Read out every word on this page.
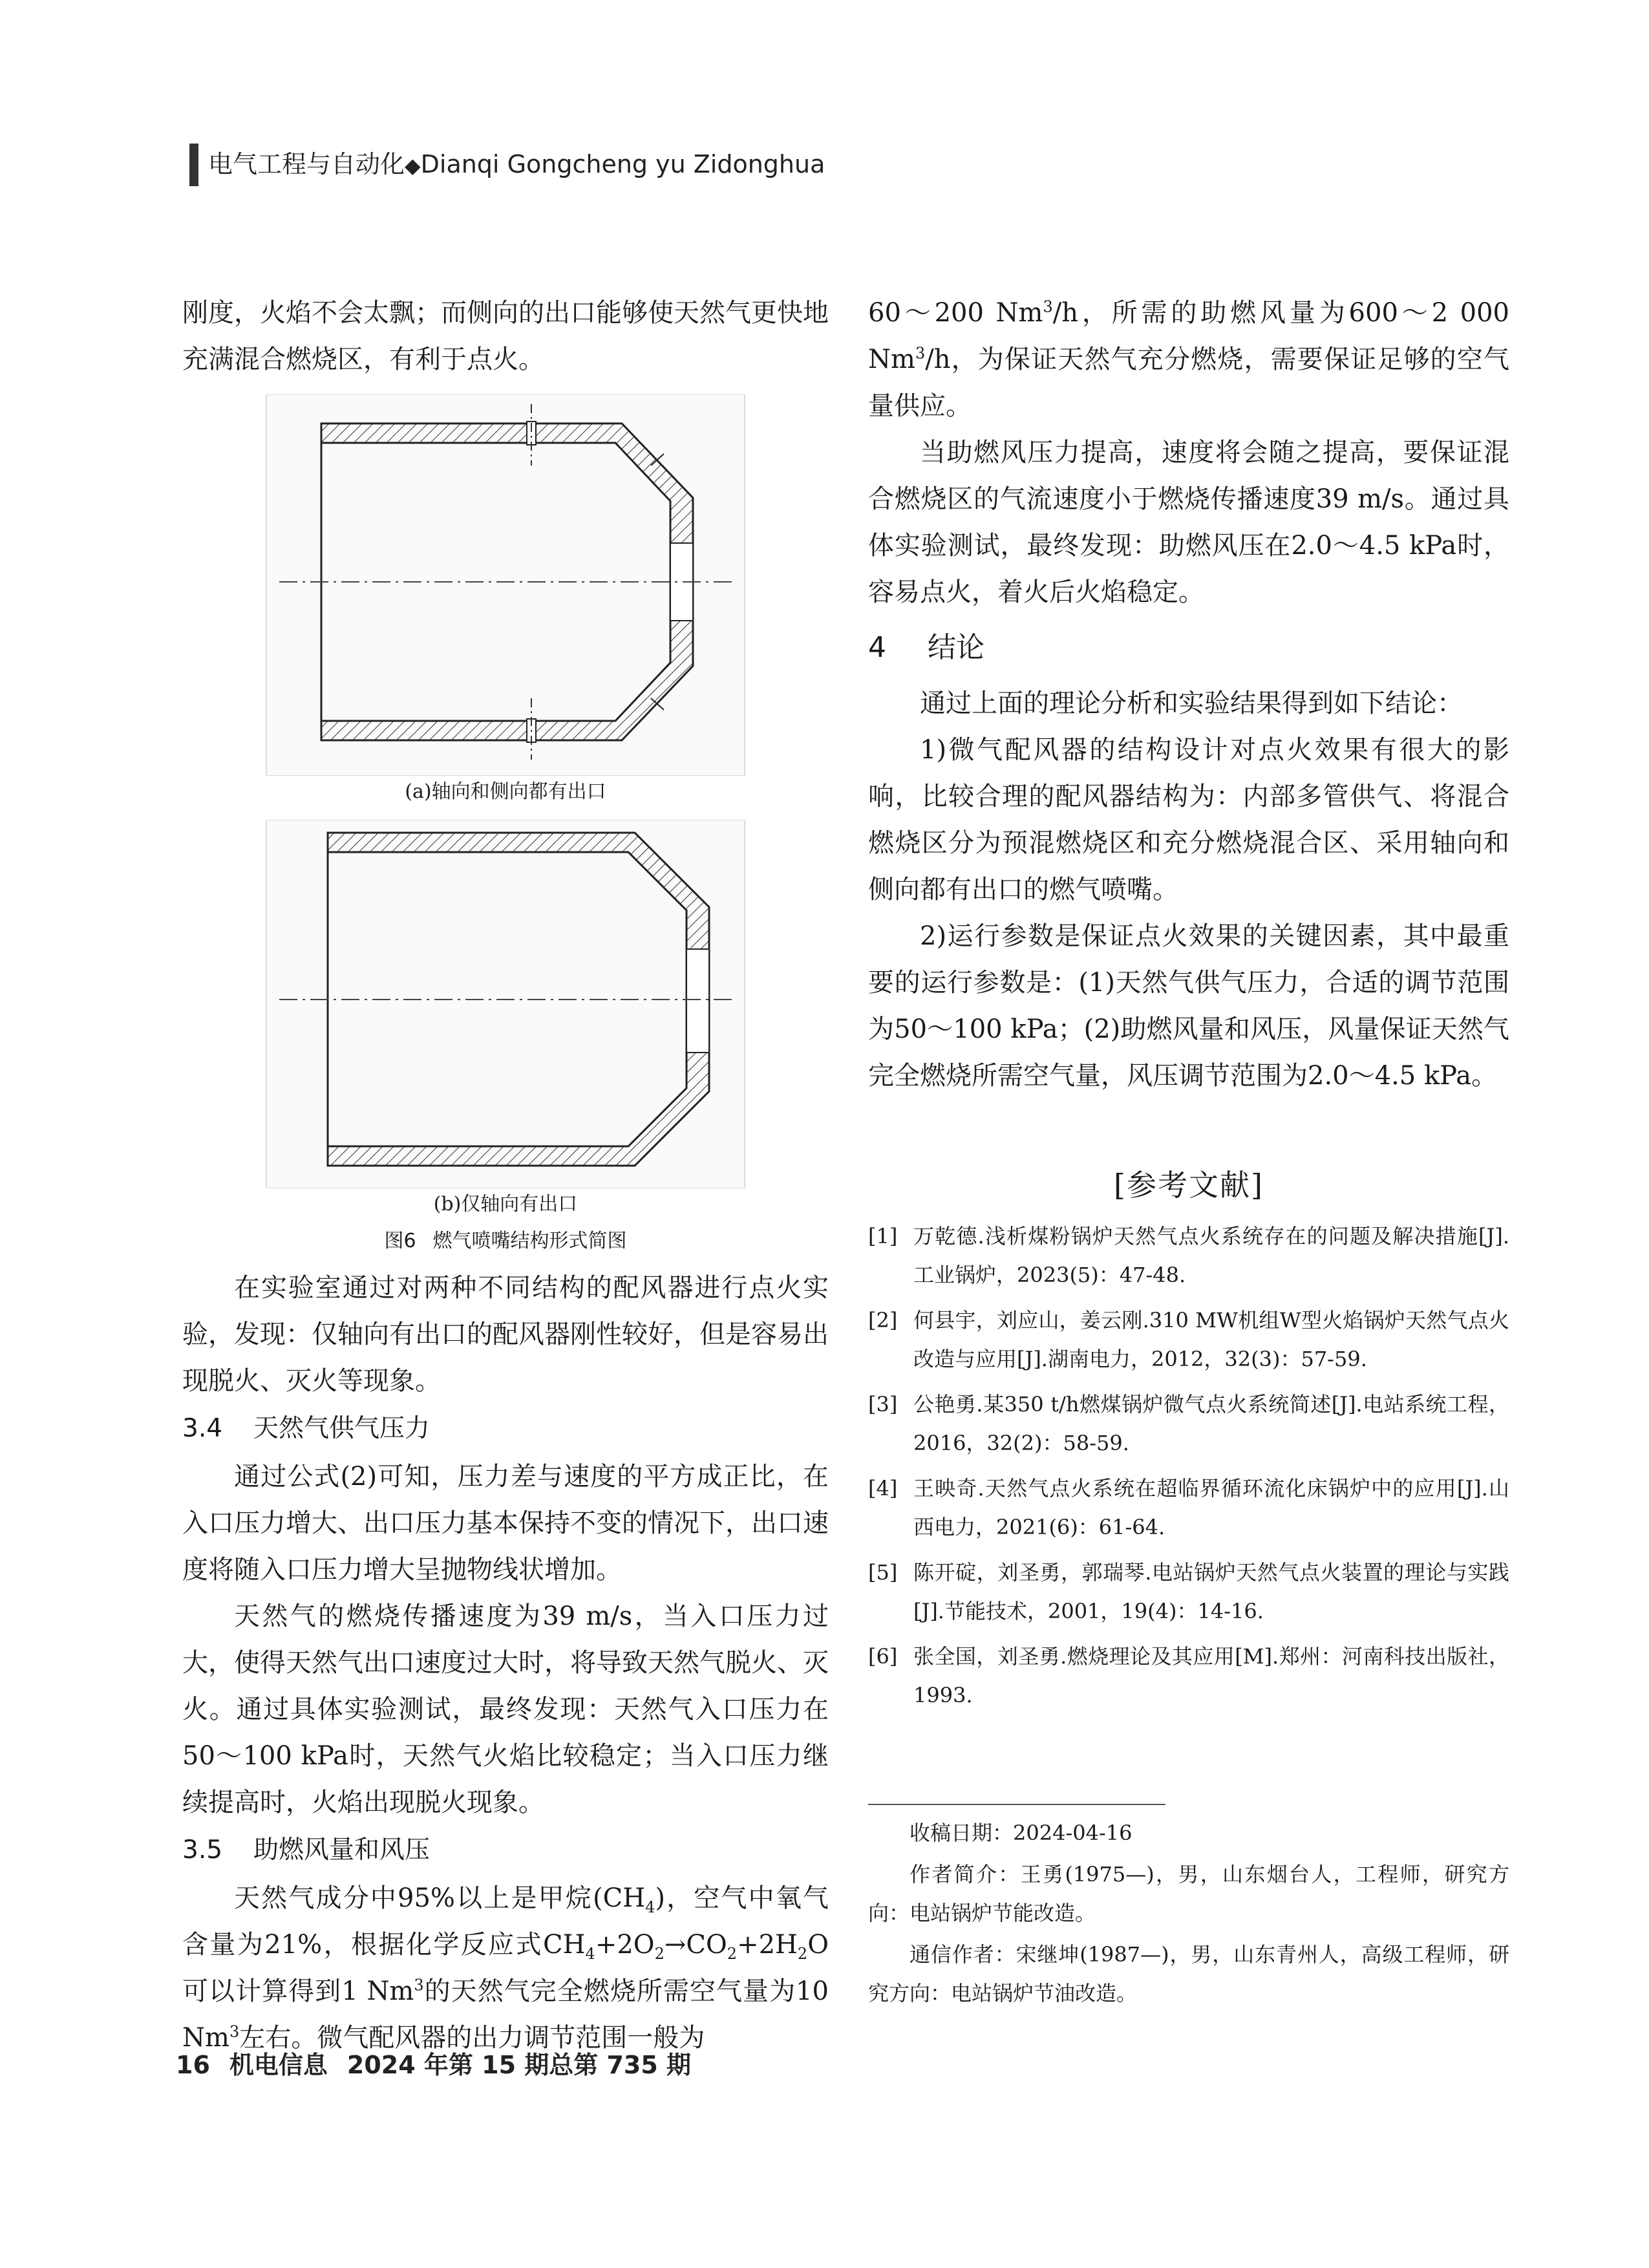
电气工程与自动化◆Dianqi Gongcheng yu Zidonghua

刚度，火焰不会太飘；而侧向的出口能够使天然气更快地充满混合燃烧区，有利于点火。

(a)轴向和侧向都有出口
(b)仅轴向有出口
图6 燃气喷嘴结构形式简图

在实验室通过对两种不同结构的配风器进行点火实验，发现：仅轴向有出口的配风器刚性较好，但是容易出现脱火、灭火等现象。

3.4 天然气供气压力

通过公式(2)可知，压力差与速度的平方成正比，在入口压力增大、出口压力基本保持不变的情况下，出口速度将随入口压力增大呈抛物线状增加。

天然气的燃烧传播速度为39 m/s，当入口压力过大，使得天然气出口速度过大时，将导致天然气脱火、灭火。通过具体实验测试，最终发现：天然气入口压力在50～100 kPa时，天然气火焰比较稳定；当入口压力继续提高时，火焰出现脱火现象。

3.5 助燃风量和风压

天然气成分中95%以上是甲烷$(CH_4)$，空气中氧气含量为21%，根据化学反应式$CH_4+2O_2\to CO_2+2H_2O$可以计算得到1 Nm$^3$的天然气完全燃烧所需空气量为10 Nm$^3$左右。微气配风器的出力调节范围一般为

60～200 Nm$^3$/h，所需的助燃风量为600～2 000 Nm$^3$/h，为保证天然气充分燃烧，需要保证足够的空气量供应。

当助燃风压力提高，速度将会随之提高，要保证混合燃烧区的气流速度小于燃烧传播速度39 m/s。通过具体实验测试，最终发现：助燃风压在2.0～4.5 kPa时，容易点火，着火后火焰稳定。

4 结论

通过上面的理论分析和实验结果得到如下结论：

1)微气配风器的结构设计对点火效果有很大的影响，比较合理的配风器结构为：内部多管供气、将混合燃烧区分为预混燃烧区和充分燃烧混合区、采用轴向和侧向都有出口的燃气喷嘴。

2)运行参数是保证点火效果的关键因素，其中最重要的运行参数是：(1)天然气供气压力，合适的调节范围为50～100 kPa；(2)助燃风量和风压，风量保证天然气完全燃烧所需空气量，风压调节范围为2.0～4.5 kPa。

[参考文献]
[1] 万乾德.浅析煤粉锅炉天然气点火系统存在的问题及解决措施[J].工业锅炉，2023(5)：47-48.
[2] 何县宇，刘应山，姜云刚.310 MW机组W型火焰锅炉天然气点火改造与应用[J].湖南电力，2012，32(3)：57-59.
[3] 公艳勇.某350 t/h燃煤锅炉微气点火系统简述[J].电站系统工程，2016，32(2)：58-59.
[4] 王映奇.天然气点火系统在超临界循环流化床锅炉中的应用[J].山西电力，2021(6)：61-64.
[5] 陈开碇，刘圣勇，郭瑞琴.电站锅炉天然气点火装置的理论与实践[J].节能技术，2001，19(4)：14-16.
[6] 张全国，刘圣勇.燃烧理论及其应用[M].郑州：河南科技出版社，1993.

收稿日期：2024-04-16

作者简介：王勇(1975—)，男，山东烟台人，工程师，研究方向：电站锅炉节能改造。

通信作者：宋继坤(1987—)，男，山东青州人，高级工程师，研究方向：电站锅炉节油改造。

16 机电信息 2024 年第 15 期总第 735 期
